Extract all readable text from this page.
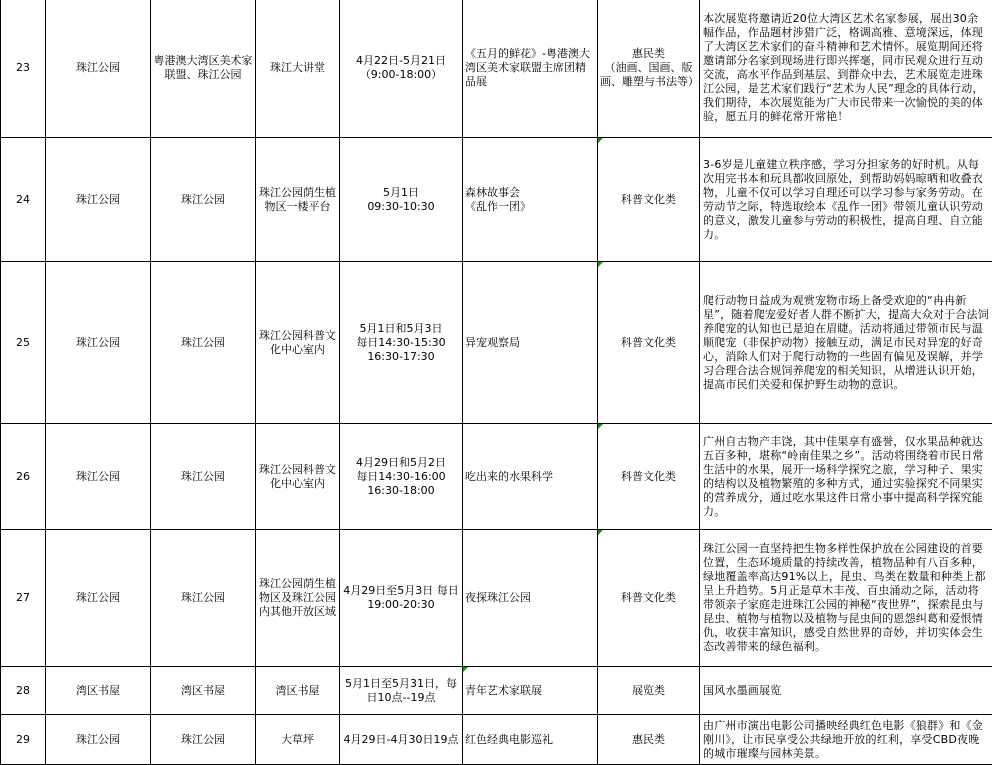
23	珠江公园	粤港澳大湾区美术家联盟、珠江公园	珠江大讲堂	4月22日-5月21日
（9:00-18:00）	《五月的鲜花》-粤港澳大湾区美术家联盟主席团精品展	惠民类
（油画、国画、版画、雕塑与书法等）	本次展览将邀请近20位大湾区艺术名家参展，展出30余幅作品，作品题材涉猎广泛，格调高雅、意境深远，体现了大湾区艺术家们的奋斗精神和艺术情怀。展览期间还将邀请部分名家到现场进行即兴挥毫，同市民观众进行互动交流，高水平作品到基层、到群众中去，艺术展览走进珠江公园，是艺术家们践行“艺术为人民”理念的具体行动，我们期待，本次展览能为广大市民带来一次愉悦的美的体验，愿五月的鲜花常开常艳！
24	珠江公园	珠江公园	珠江公园荫生植物区一楼平台	5月1日
09:30-10:30	森林故事会
《乱作一团》	科普文化类	3-6岁是儿童建立秩序感，学习分担家务的好时机。从每次用完书本和玩具都收回原处，到帮助妈妈晾晒和收叠衣物，儿童不仅可以学习自理还可以学习参与家务劳动。在劳动节之际，特选取绘本《乱作一团》带领儿童认识劳动的意义，激发儿童参与劳动的积极性，提高自理、自立能力。
25	珠江公园	珠江公园	珠江公园科普文化中心室内	5月1日和5月3日
每日14:30-15:30
16:30-17:30	异宠观察局	科普文化类	爬行动物日益成为观赏宠物市场上备受欢迎的“冉冉新星”，随着爬宠爱好者人群不断扩大，提高大众对于合法饲养爬宠的认知也已是迫在眉睫。活动将通过带领市民与温顺爬宠（非保护动物）接触互动，满足市民对异宠的好奇心，消除人们对于爬行动物的一些固有偏见及误解，并学习合理合法合规饲养爬宠的相关知识，从增进认识开始，提高市民们关爱和保护野生动物的意识。
26	珠江公园	珠江公园	珠江公园科普文化中心室内	4月29日和5月2日
每日14:30-16:00
16:30-18:00	吃出来的水果科学	科普文化类	广州自古物产丰饶，其中佳果享有盛誉，仅水果品种就达五百多种，堪称“岭南佳果之乡”。活动将围绕着市民日常生活中的水果，展开一场科学探究之旅，学习种子、果实的结构以及植物繁殖的多种方式，通过实验探究不同果实的营养成分，通过吃水果这件日常小事中提高科学探究能力。
27	珠江公园	珠江公园	珠江公园荫生植物区及珠江公园内其他开放区域	4月29日至5月3日 每日19:00-20:30	夜探珠江公园	科普文化类	珠江公园一直坚持把生物多样性保护放在公园建设的首要位置，生态环境质量的持续改善，植物品种有八百多种，绿地覆盖率高达91%以上，昆虫、鸟类在数量和种类上都呈上升趋势。5月正是草木丰茂、百虫涌动之际，活动将带领亲子家庭走进珠江公园的神秘“夜世界”，探索昆虫与昆虫、植物与植物以及植物与昆虫间的恩怨纠葛和爱恨情仇，收获丰富知识，感受自然世界的奇妙，并切实体会生态改善带来的绿色福利。
28	湾区书屋	湾区书屋	湾区书屋	5月1日至5月31日，每日10点--19点	青年艺术家联展	展览类	国风水墨画展览
29	珠江公园	珠江公园	大草坪	4月29日-4月30日19点	红色经典电影巡礼	惠民类	由广州市演出电影公司播映经典红色电影《狼群》和《金刚川》，让市民享受公共绿地开放的红利，享受CBD夜晚的城市璀璨与园林美景。
